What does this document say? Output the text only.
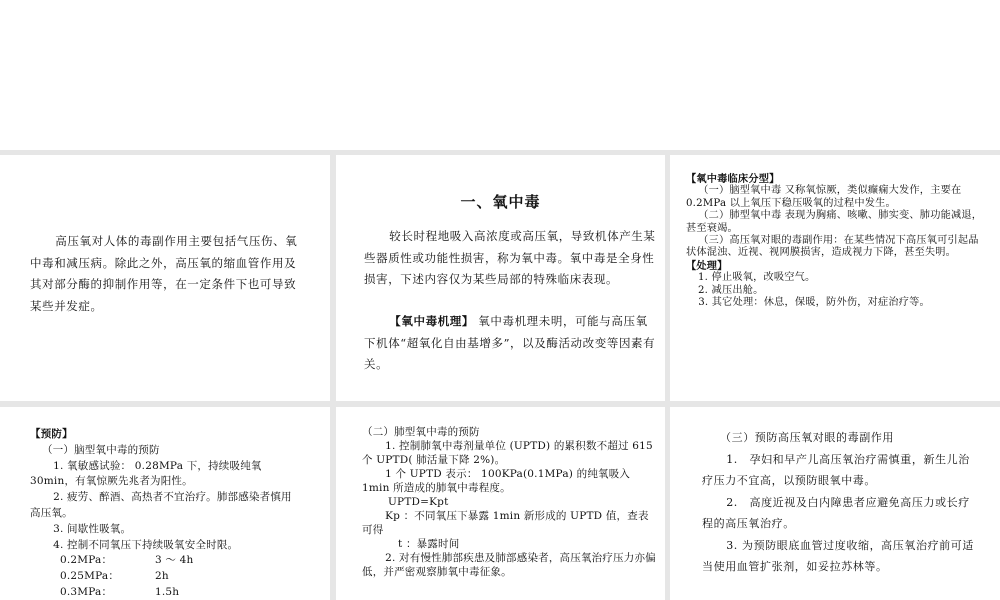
高压氧对人体的毒副作用主要包括气压伤、氧中毒和减压病。除此之外，高压氧的缩血管作用及其对部分酶的抑制作用等，在一定条件下也可导致某些并发症。

一、氧中毒

较长时程地吸入高浓度或高压氧，导致机体产生某些器质性或功能性损害，称为氧中毒。氧中毒是全身性损害，下述内容仅为某些局部的特殊临床表现。

【氧中毒机理】 氧中毒机理未明，可能与高压氧下机体“超氧化自由基增多”，以及酶活动改变等因素有关。

【氧中毒临床分型】

（一）脑型氧中毒 又称氧惊厥，类似癫痫大发作，主要在 0.2MPa 以上氧压下稳压吸氧的过程中发生。

（二）肺型氧中毒 表现为胸痛、咳嗽、肺实变、肺功能减退，甚至衰竭。

（三）高压氧对眼的毒副作用：在某些情况下高压氧可引起晶状体混浊、近视、视网膜损害，造成视力下降，甚至失明。

【处理】

1. 停止吸氧，改吸空气。

2. 减压出舱。

3. 其它处理：休息，保暖，防外伤，对症治疗等。

【预防】

（一）脑型氧中毒的预防

1. 氧敏感试验： 0.28MPa 下，持续吸纯氧 30min，有氧惊厥先兆者为阳性。

2. 疲劳、醉酒、高热者不宜治疗。肺部感染者慎用高压氧。

3. 间歇性吸氧。

4. 控制不同氧压下持续吸氧安全时限。

0.2MPa：	3 ～ 4h
0.25MPa：	2h
0.3MPa：	1.5h

（二）肺型氧中毒的预防

1. 控制肺氧中毒剂量单位 (UPTD) 的累积数不超过 615 个 UPTD( 肺活量下降 2%)。

1 个 UPTD 表示： 100KPa(0.1MPa) 的纯氧吸入 1min 所造成的肺氧中毒程度。

UPTD=Kpt

Kp ：不同氧压下暴露 1min 新形成的 UPTD 值，查表可得

t ：暴露时间

2. 对有慢性肺部疾患及肺部感染者，高压氧治疗压力亦偏低，并严密观察肺氧中毒征象。

（三）预防高压氧对眼的毒副作用

1.　孕妇和早产儿高压氧治疗需慎重，新生儿治疗压力不宜高，以预防眼氧中毒。

2.　高度近视及白内障患者应避免高压力或长疗程的高压氧治疗。

3. 为预防眼底血管过度收缩，高压氧治疗前可适当使用血管扩张剂，如妥拉苏林等。
